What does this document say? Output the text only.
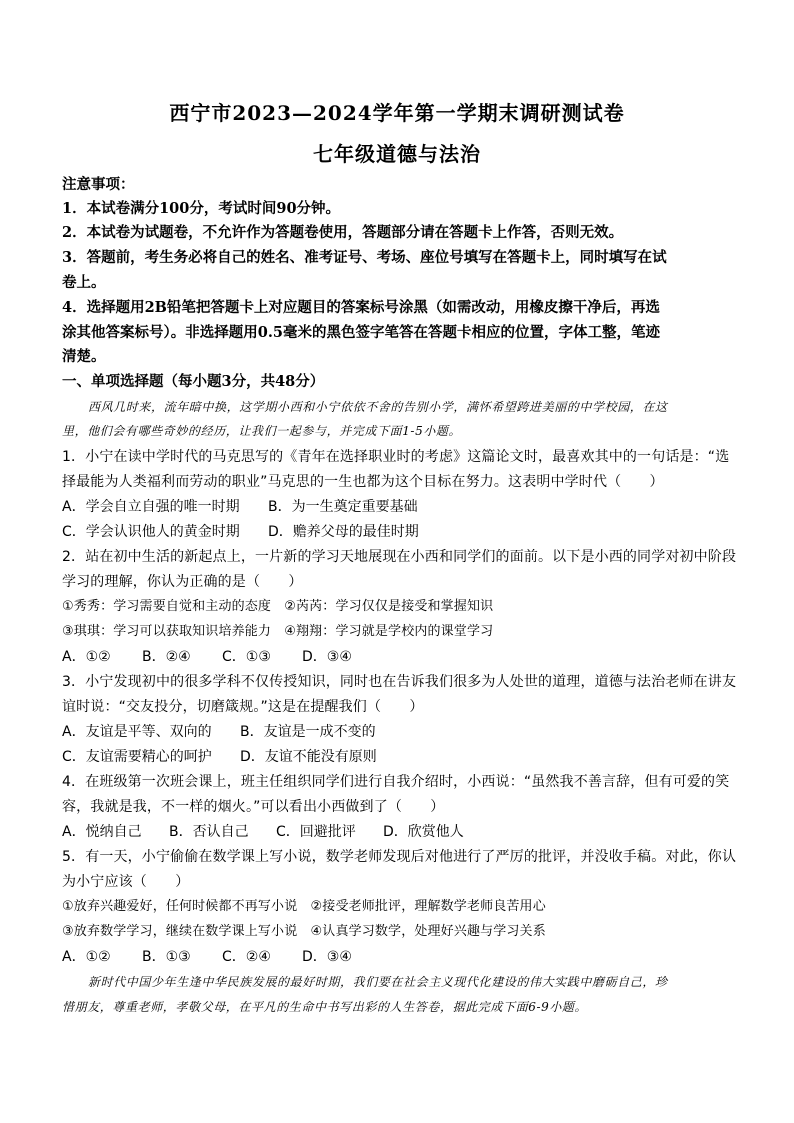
西宁市2023—2024学年第一学期末调研测试卷
七年级道德与法治
注意事项：
1．本试卷满分100分，考试时间90分钟。
2．本试卷为试题卷，不允许作为答题卷使用，答题部分请在答题卡上作答，否则无效。
3．答题前，考生务必将自己的姓名、准考证号、考场、座位号填写在答题卡上，同时填写在试
卷上。
4．选择题用2B铅笔把答题卡上对应题目的答案标号涂黑（如需改动，用橡皮擦干净后，再选
涂其他答案标号）。非选择题用0.5毫米的黑色签字笔答在答题卡相应的位置，字体工整，笔迹
清楚。
一、单项选择题（每小题3分，共48分）
西风几时来，流年暗中换，这学期小西和小宁依依不舍的告别小学，满怀希望跨进美丽的中学校园，在这
里，他们会有哪些奇妙的经历，让我们一起参与，并完成下面1-5小题。
1．小宁在读中学时代的马克思写的《青年在选择职业时的考虑》这篇论文时，最喜欢其中的一句话是：“选
择最能为人类福利而劳动的职业”马克思的一生也都为这个目标在努力。这表明中学时代（　　）
A．学会自立自强的唯一时期 B．为一生奠定重要基础
C．学会认识他人的黄金时期 D．赡养父母的最佳时期
2．站在初中生活的新起点上，一片新的学习天地展现在小西和同学们的面前。以下是小西的同学对初中阶段
学习的理解，你认为正确的是（　　）
①秀秀：学习需要自觉和主动的态度　②芮芮：学习仅仅是接受和掌握知识
③琪琪：学习可以获取知识培养能力　④翔翔：学习就是学校内的课堂学习
A．①② B．②④ C．①③ D．③④
3．小宁发现初中的很多学科不仅传授知识，同时也在告诉我们很多为人处世的道理，道德与法治老师在讲友
谊时说：“交友投分，切磨箴规。”这是在提醒我们（　　）
A．友谊是平等、双向的 B．友谊是一成不变的
C．友谊需要精心的呵护 D．友谊不能没有原则
4．在班级第一次班会课上，班主任组织同学们进行自我介绍时，小西说：“虽然我不善言辞，但有可爱的笑
容，我就是我，不一样的烟火。”可以看出小西做到了（　　）
A．悦纳自己 B．否认自己 C．回避批评 D．欣赏他人
5．有一天，小宁偷偷在数学课上写小说，数学老师发现后对他进行了严厉的批评，并没收手稿。对此，你认
为小宁应该（　　）
①放弃兴趣爱好，任何时候都不再写小说　②接受老师批评，理解数学老师良苦用心
③放弃数学学习，继续在数学课上写小说　④认真学习数学，处理好兴趣与学习关系
A．①② B．①③ C．②④ D．③④
新时代中国少年生逢中华民族发展的最好时期，我们要在社会主义现代化建设的伟大实践中磨砺自己，珍
惜朋友，尊重老师，孝敬父母，在平凡的生命中书写出彩的人生答卷，据此完成下面6-9小题。
